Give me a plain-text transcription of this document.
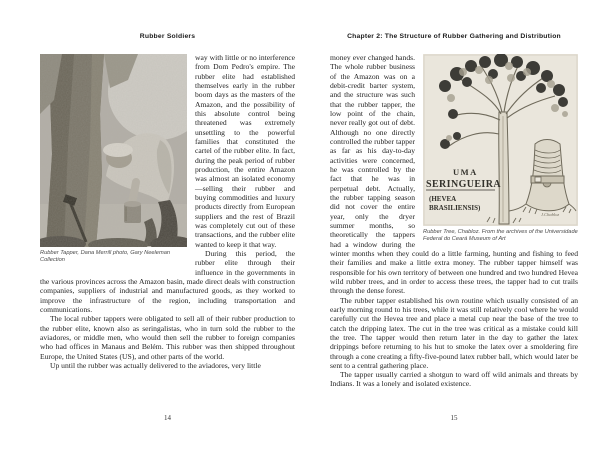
Rubber Soldiers
Rubber Tapper, Dana Merrill photo, Gary Neeleman Collection

way with little or no interference from Dom Pedro's empire. The rubber elite had established themselves early in the rubber boom days as the masters of the Amazon, and the possibility of this absolute control being threatened was extremely unsettling to the powerful families that constituted the cartel of the rubber elite. In fact, during the peak period of rubber production, the entire Amazon was almost an isolated economy—selling their rubber and buying commodities and luxury products directly from European suppliers and the rest of Brazil was completely cut out of these transactions, and the rubber elite wanted to keep it that way.

During this period, the rubber elite through their influence in the governments in the various provinces across the Amazon basin, made direct deals with construction companies, suppliers of industrial and manufactured goods, as they worked to improve the infrastructure of the region, including transportation and communications.

The local rubber tappers were obligated to sell all of their rubber production to the rubber elite, known also as seringalistas, who in turn sold the rubber to the aviadores, or middle men, who would then sell the rubber to foreign companies who had offices in Manaus and Belém. This rubber was then shipped throughout Europe, the United States (US), and other parts of the world.

Up until the rubber was actually delivered to the aviadores, very little

14
Chapter 2: The Structure of Rubber Gathering and Distribution
UMA
SERINGUEIRA
(HEVEA
BRASILIENSIS)
J.Chabloz
Rubber Tree, Chabloz. From the archives of the Universidade Federal do Ceará Museum of Art

money ever changed hands. The whole rubber business of the Amazon was on a debit-credit barter system, and the structure was such that the rubber tapper, the low point of the chain, never really got out of debt. Although no one directly controlled the rubber tapper as far as his day-to-day activities were concerned, he was controlled by the fact that he was in perpetual debt. Actually, the rubber tapping season did not cover the entire year, only the dryer summer months, so theoretically the tappers had a window during the winter months when they could do a little farming, hunting and fishing to feed their families and make a little extra money. The rubber tapper himself was responsible for his own territory of between one hundred and two hundred Hevea wild rubber trees, and in order to access these trees, the tapper had to cut trails through the dense forest.

The rubber tapper established his own routine which usually consisted of an early morning round to his trees, while it was still relatively cool where he would carefully cut the Hevea tree and place a metal cup near the base of the tree to catch the dripping latex. The cut in the tree was critical as a mistake could kill the tree. The tapper would then return later in the day to gather the latex drippings before returning to his hut to smoke the latex over a smoldering fire through a cone creating a fifty-five-pound latex rubber ball, which would later be sent to a central gathering place.

The tapper usually carried a shotgun to ward off wild animals and threats by Indians. It was a lonely and isolated existence.

15
